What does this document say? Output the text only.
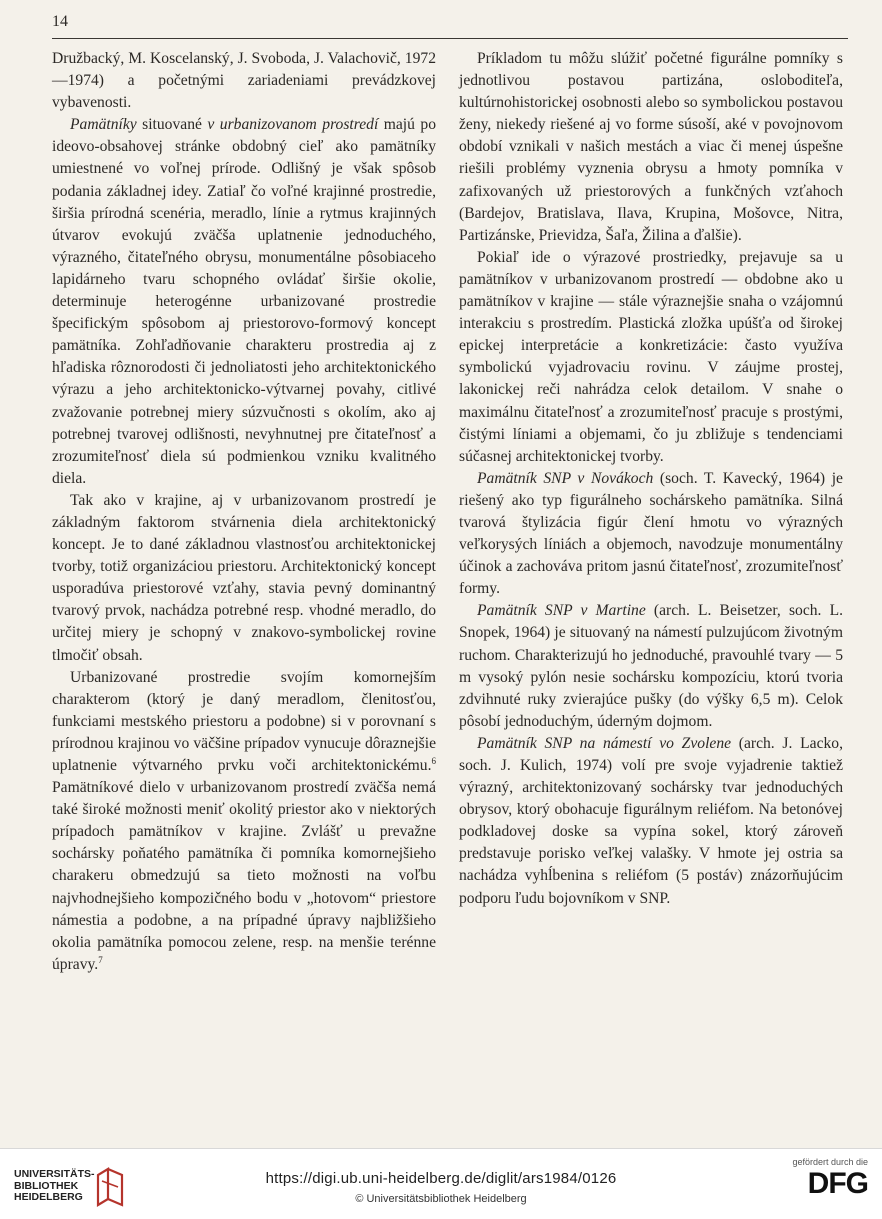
14

Družbacký, M. Koscelanský, J. Svoboda, J. Valachovič, 1972—1974) a početnými zariadeniami prevádzkovej vybavenosti.

Pamätníky situované v urbanizovanom prostredí majú po ideovo-obsahovej stránke obdobný cieľ ako pamätníky umiestnené vo voľnej prírode. Odlišný je však spôsob podania základnej idey. Zatiaľ čo voľné krajinné prostredie, širšia prírodná scenéria, meradlo, línie a rytmus krajinných útvarov evokujú zväčša uplatnenie jednoduchého, výrazného, čitateľného obrysu, monumentálne pôsobiaceho lapidárneho tvaru schopného ovládať širšie okolie, determinuje heterogénne urbanizované prostredie špecifickým spôsobom aj priestorovo-formový koncept pamätníka. Zohľadňovanie charakteru prostredia aj z hľadiska rôznorodosti či jednoliatosti jeho architektonického výrazu a jeho architektonicko-výtvarnej povahy, citlivé zvažovanie potrebnej miery súzvučnosti s okolím, ako aj potrebnej tvarovej odlišnosti, nevyhnutnej pre čitateľnosť a zrozumiteľnosť diela sú podmienkou vzniku kvalitného diela.

Tak ako v krajine, aj v urbanizovanom prostredí je základným faktorom stvárnenia diela architektonický koncept. Je to dané základnou vlastnosťou architektonickej tvorby, totiž organizáciou priestoru. Architektonický koncept usporadúva priestorové vzťahy, stavia pevný dominantný tvarový prvok, nachádza potrebné resp. vhodné meradlo, do určitej miery je schopný v znakovo-symbolickej rovine tlmočiť obsah.

Urbanizované prostredie svojím komornejším charakterom (ktorý je daný meradlom, členitosťou, funkciami mestského priestoru a podobne) si v porovnaní s prírodnou krajinou vo väčšine prípadov vynucuje dôraznejšie uplatnenie výtvarného prvku voči architektonickému.$^6$ Pamätníkové dielo v urbanizovanom prostredí zväčša nemá také široké možnosti meniť okolitý priestor ako v niektorých prípadoch pamätníkov v krajine. Zvlášť u prevažne sochársky poňatého pamätníka či pomníka komornejšieho charakeru obmedzujú sa tieto možnosti na voľbu najvhodnejšieho kompozičného bodu v „hotovom“ priestore námestia a podobne, a na prípadné úpravy najbližšieho okolia pamätníka pomocou zelene, resp. na menšie terénne úpravy.$^7$

Príkladom tu môžu slúžiť početné figurálne pomníky s jednotlivou postavou partizána, osloboditeľa, kultúrnohistorickej osobnosti alebo so symbolickou postavou ženy, niekedy riešené aj vo forme súsoší, aké v povojnovom období vznikali v našich mestách a viac či menej úspešne riešili problémy vyznenia obrysu a hmoty pomníka v zafixovaných už priestorových a funkčných vzťahoch (Bardejov, Bratislava, Ilava, Krupina, Mošovce, Nitra, Partizánske, Prievidza, Šaľa, Žilina a ďalšie).

Pokiaľ ide o výrazové prostriedky, prejavuje sa u pamätníkov v urbanizovanom prostredí — obdobne ako u pamätníkov v krajine — stále výraznejšie snaha o vzájomnú interakciu s prostredím. Plastická zložka upúšťa od širokej epickej interpretácie a konkretizácie: často využíva symbolickú vyjadrovaciu rovinu. V záujme prostej, lakonickej reči nahrádza celok detailom. V snahe o maximálnu čitateľnosť a zrozumiteľnosť pracuje s prostými, čistými líniami a objemami, čo ju zbližuje s tendenciami súčasnej architektonickej tvorby.

Pamätník SNP v Novákoch (soch. T. Kavecký, 1964) je riešený ako typ figurálneho sochárskeho pamätníka. Silná tvarová štylizácia figúr člení hmotu vo výrazných veľkorysých líniách a objemoch, navodzuje monumentálny účinok a zachováva pritom jasnú čitateľnosť, zrozumiteľnosť formy.

Pamätník SNP v Martine (arch. L. Beisetzer, soch. L. Snopek, 1964) je situovaný na námestí pulzujúcom životným ruchom. Charakterizujú ho jednoduché, pravouhlé tvary — 5 m vysoký pylón nesie sochársku kompozíciu, ktorú tvoria zdvihnuté ruky zvierajúce pušky (do výšky 6,5 m). Celok pôsobí jednoduchým, úderným dojmom.

Pamätník SNP na námestí vo Zvolene (arch. J. Lacko, soch. J. Kulich, 1974) volí pre svoje vyjadrenie taktiež výrazný, architektonizovaný sochársky tvar jednoduchých obrysov, ktorý obohacuje figurálnym reliéfom. Na betonóvej podkladovej doske sa vypína sokel, ktorý zároveň predstavuje porisko veľkej valašky. V hmote jej ostria sa nachádza vyhĺbenina s reliéfom (5 postáv) znázorňujúcim podporu ľudu bojovníkom v SNP.

UNIVERSITÄTS-
BIBLIOTHEK
HEIDELBERG
https://digi.ub.uni-heidelberg.de/diglit/ars1984/0126
© Universitätsbibliothek Heidelberg
gefördert durch die
DFG
